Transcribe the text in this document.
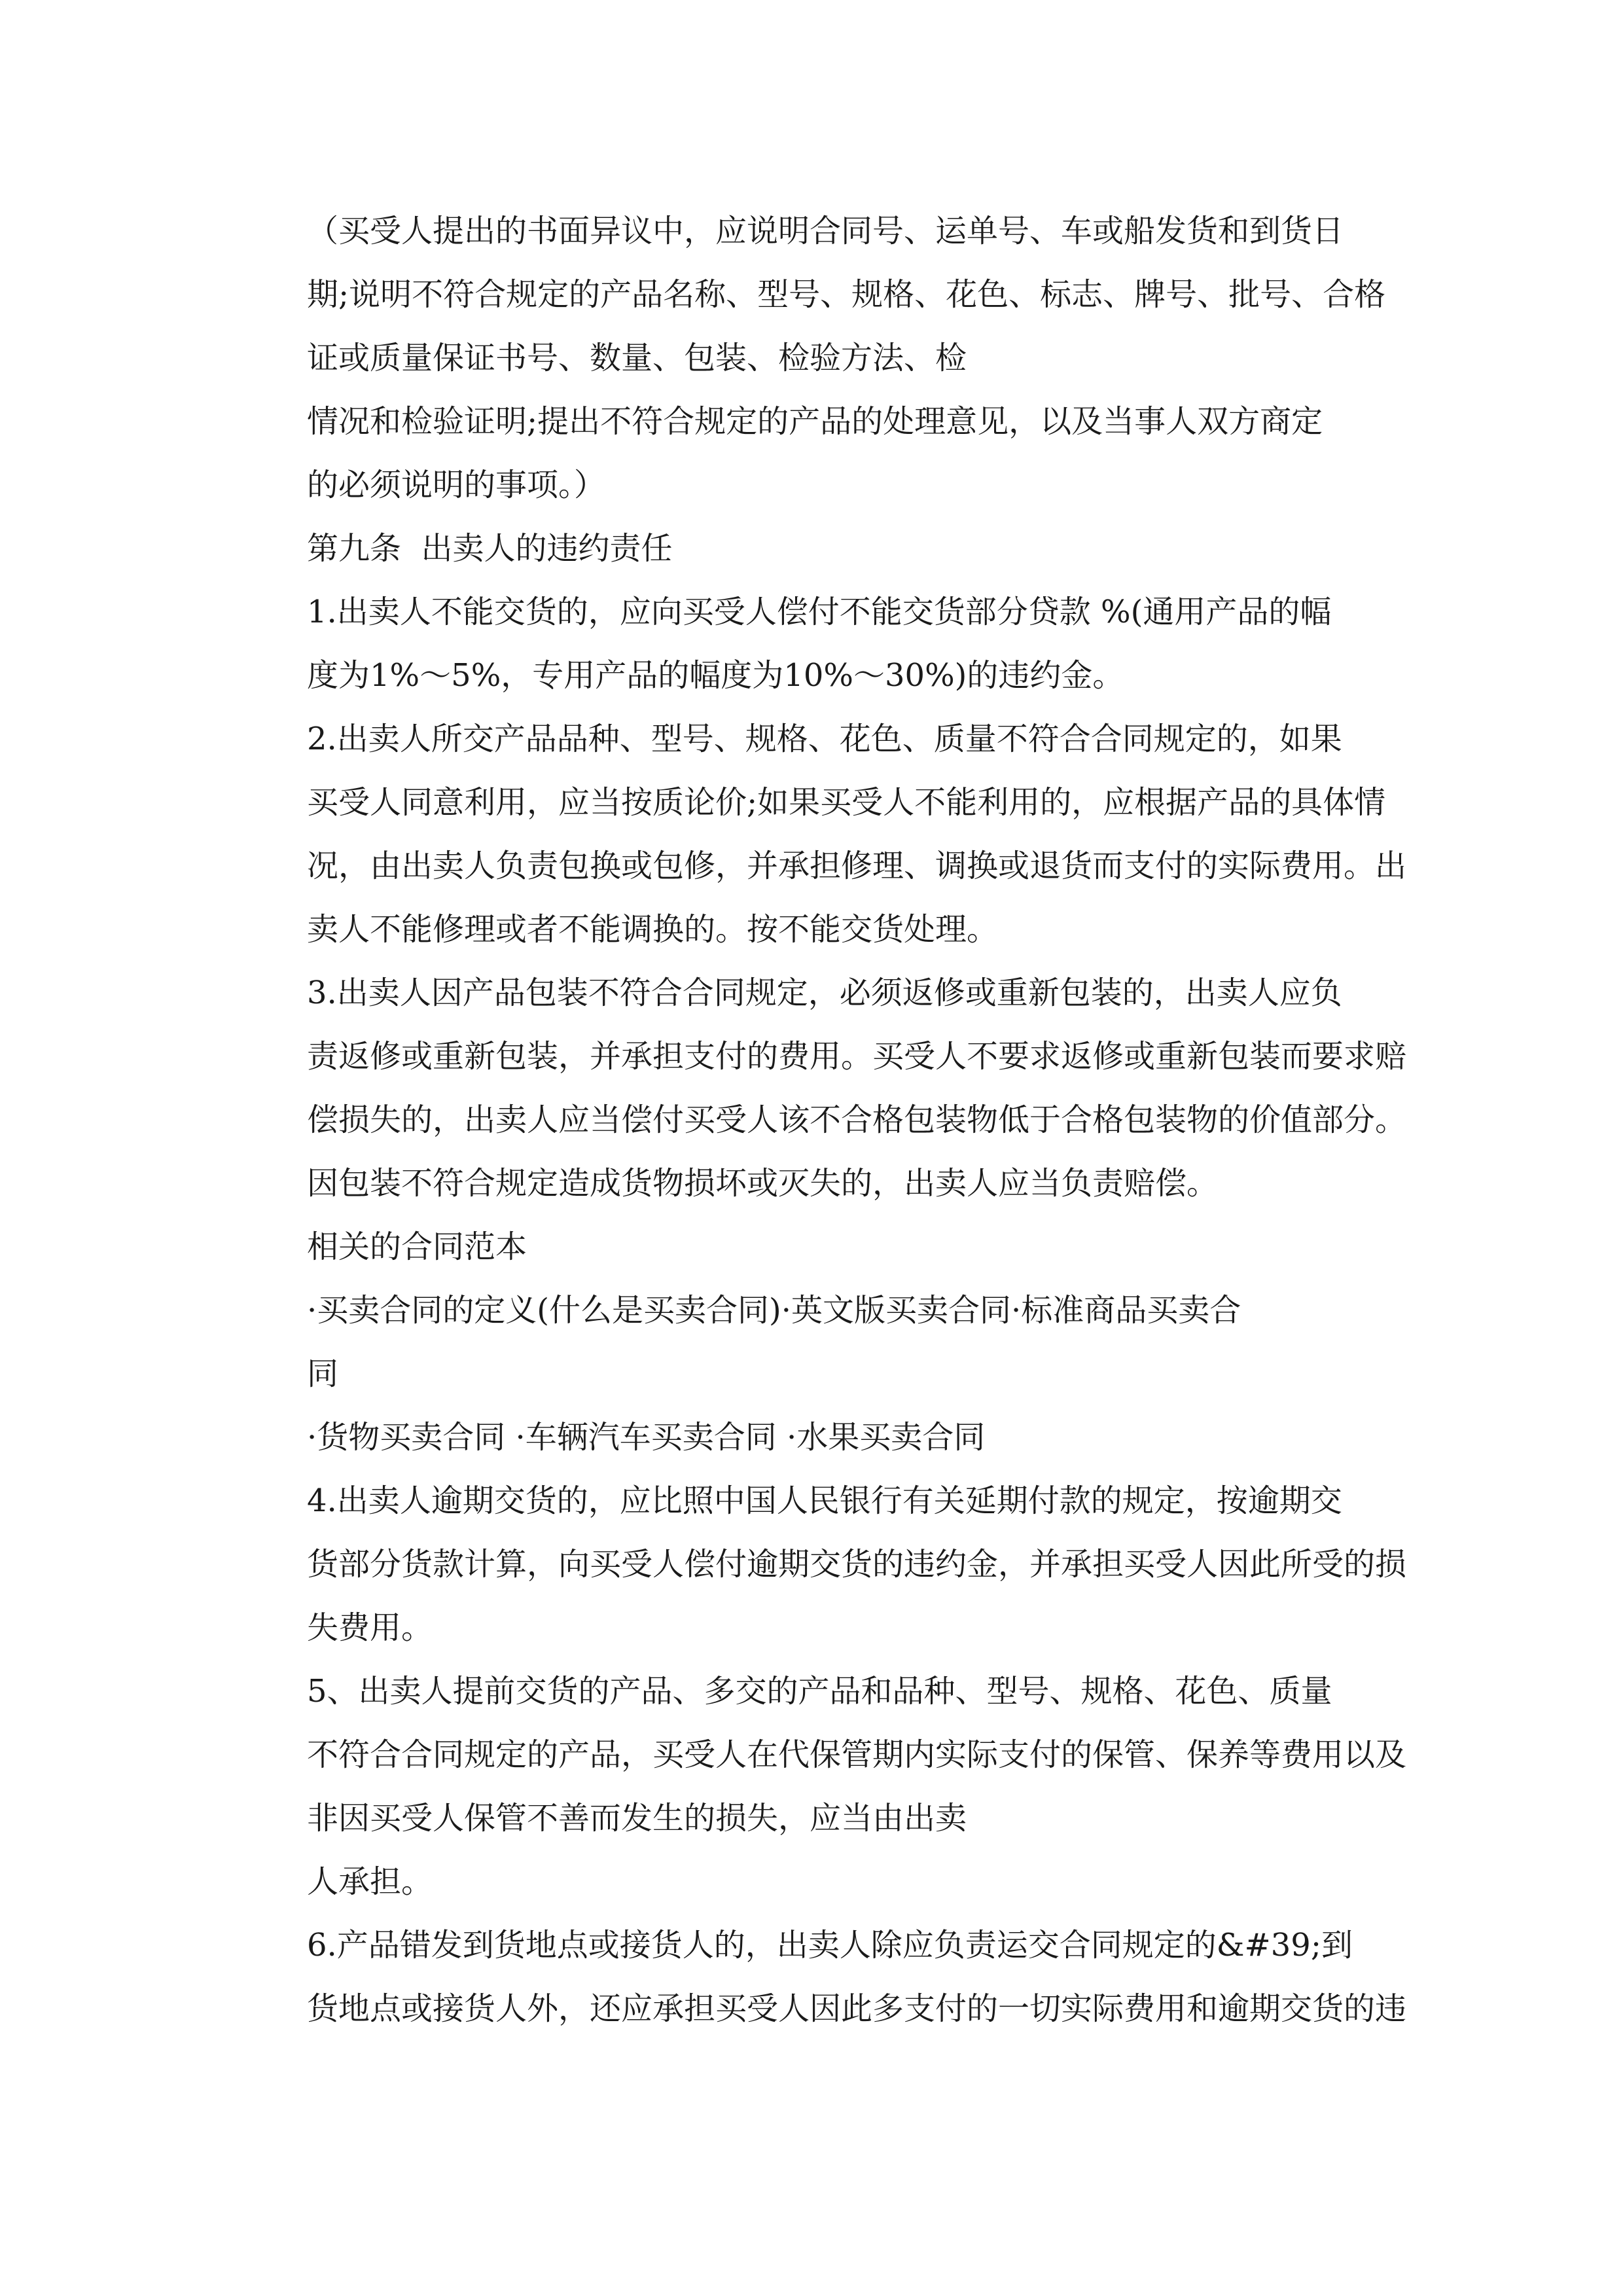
（买受人提出的书面异议中，应说明合同号、运单号、车或船发货和到货日
期;说明不符合规定的产品名称、型号、规格、花色、标志、牌号、批号、合格
证或质量保证书号、数量、包装、检验方法、检

情况和检验证明;提出不符合规定的产品的处理意见，以及当事人双方商定
的必须说明的事项。）

第九条  出卖人的违约责任

1.出卖人不能交货的，应向买受人偿付不能交货部分贷款 %(通用产品的幅
度为1%～5%，专用产品的幅度为10%～30%)的违约金。

2.出卖人所交产品品种、型号、规格、花色、质量不符合合同规定的，如果
买受人同意利用，应当按质论价;如果买受人不能利用的，应根据产品的具体情
况，由出卖人负责包换或包修，并承担修理、调换或退货而支付的实际费用。出
卖人不能修理或者不能调换的。按不能交货处理。

3.出卖人因产品包装不符合合同规定，必须返修或重新包装的，出卖人应负
责返修或重新包装，并承担支付的费用。买受人不要求返修或重新包装而要求赔
偿损失的，出卖人应当偿付买受人该不合格包装物低于合格包装物的价值部分。
因包装不符合规定造成货物损坏或灭失的，出卖人应当负责赔偿。

相关的合同范本

·买卖合同的定义(什么是买卖合同)·英文版买卖合同·标准商品买卖合
同

·货物买卖合同 ·车辆汽车买卖合同 ·水果买卖合同

4.出卖人逾期交货的，应比照中国人民银行有关延期付款的规定，按逾期交
货部分货款计算，向买受人偿付逾期交货的违约金，并承担买受人因此所受的损
失费用。

5、出卖人提前交货的产品、多交的产品和品种、型号、规格、花色、质量
不符合合同规定的产品，买受人在代保管期内实际支付的保管、保养等费用以及
非因买受人保管不善而发生的损失，应当由出卖

人承担。

6.产品错发到货地点或接货人的，出卖人除应负责运交合同规定的&#39;到
货地点或接货人外，还应承担买受人因此多支付的一切实际费用和逾期交货的违
